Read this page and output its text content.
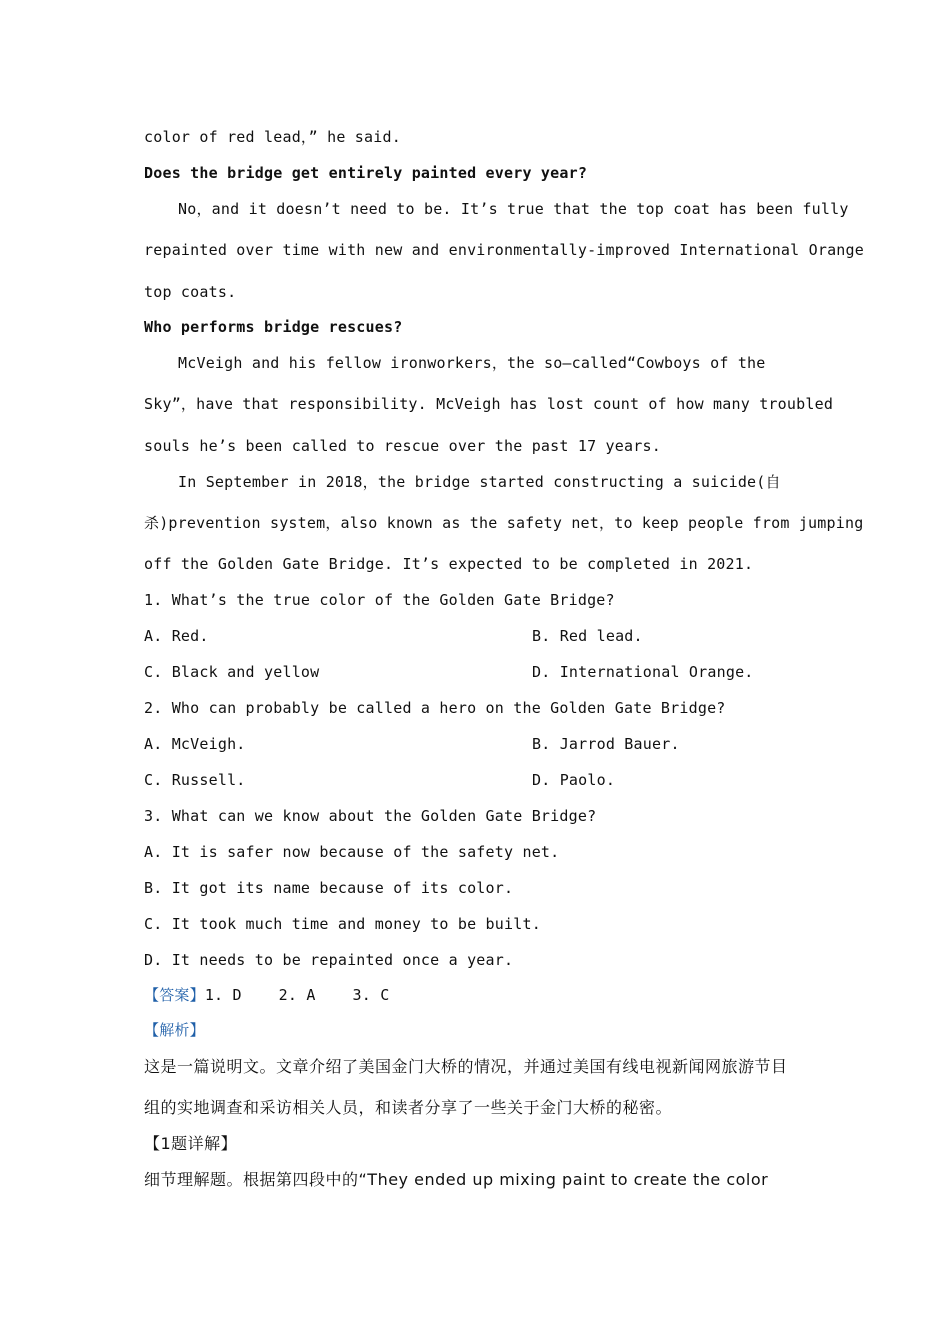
color of red lead，” he said.
Does the bridge get entirely painted every year?
No，and it doesn’t need to be. It’s true that the top coat has been fully
repainted over time with new and environmentally-improved International Orange
top coats.
Who performs bridge rescues?
McVeigh and his fellow ironworkers，the so—called“Cowboys of the
Sky”，have that responsibility. McVeigh has lost count of how many troubled
souls he’s been called to rescue over the past 17 years.
In September in 2018，the bridge started constructing a suicide(自
杀)prevention system，also known as the safety net，to keep people from jumping
off the Golden Gate Bridge. It’s expected to be completed in 2021.
1. What’s the true color of the Golden Gate Bridge?
A. Red.	B. Red lead.
C. Black and yellow	D. International Orange.
2. Who can probably be called a hero on the Golden Gate Bridge?
A. McVeigh.	B. Jarrod Bauer.
C. Russell.	D. Paolo.
3. What can we know about the Golden Gate Bridge?
A. It is safer now because of the safety net.
B. It got its name because of its color.
C. It took much time and money to be built.
D. It needs to be repainted once a year.
【答案】1. D    2. A    3. C
【解析】
这是一篇说明文。文章介绍了美国金门大桥的情况，并通过美国有线电视新闻网旅游节目
组的实地调查和采访相关人员，和读者分享了一些关于金门大桥的秘密。
【1题详解】
细节理解题。根据第四段中的“They ended up mixing paint to create the color
